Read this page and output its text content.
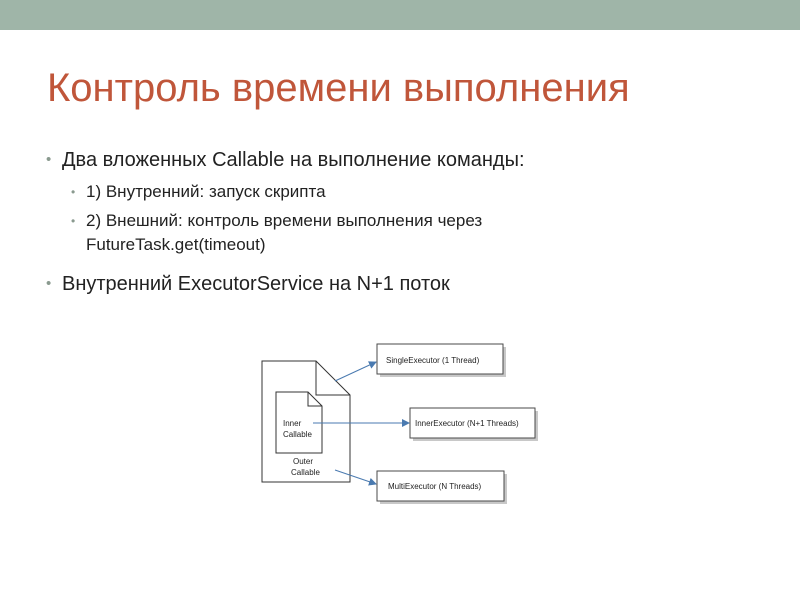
Контроль времени выполнения
• Два вложенных Callable на выполнение команды:
• 1) Внутренний: запуск скрипта
• 2) Внешний: контроль времени выполнения через
FutureTask.get(timeout)
• Внутренний ExecutorService на N+1 поток
Inner
Callable
Outer
Callable
SingleExecutor (1 Thread)
InnerExecutor (N+1 Threads)
MultiExecutor (N Threads)
